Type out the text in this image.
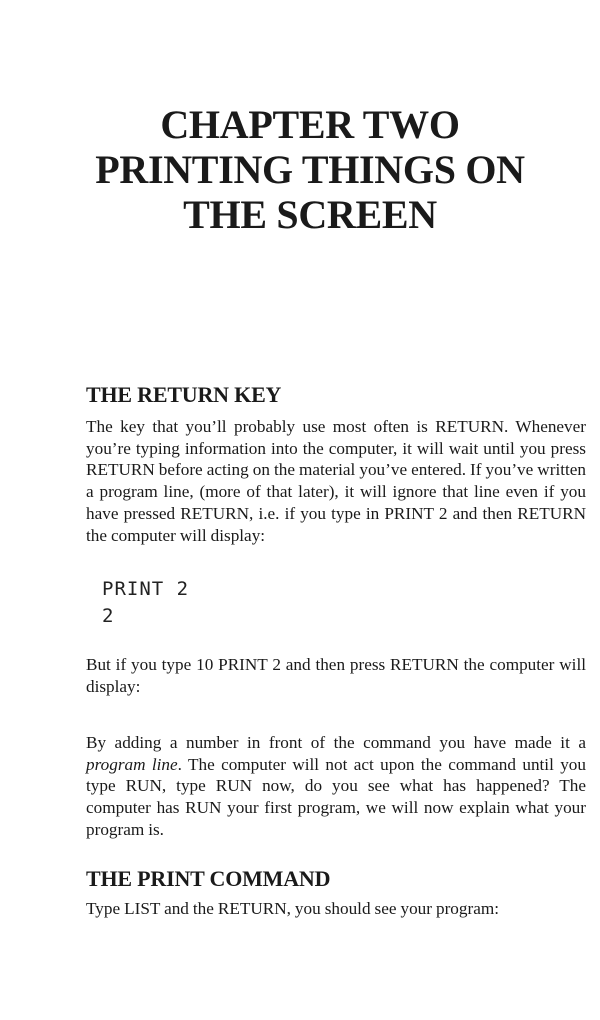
CHAPTER TWO
PRINTING THINGS ON
THE SCREEN
THE RETURN KEY

The key that you’ll probably use most often is RETURN. Whenever you’re typing information into the computer, it will wait until you press RETURN before acting on the material you’ve entered. If you’ve written a program line, (more of that later), it will ignore that line even if you have pressed RETURN, i.e. if you type in PRINT 2 and then RETURN the computer will display:

PRINT 2
2

But if you type 10 PRINT 2 and then press RETURN the computer will display:

By adding a number in front of the command you have made it a program line. The computer will not act upon the command until you type RUN, type RUN now, do you see what has happened? The computer has RUN your first program, we will now explain what your program is.

THE PRINT COMMAND

Type LIST and the RETURN, you should see your program:
